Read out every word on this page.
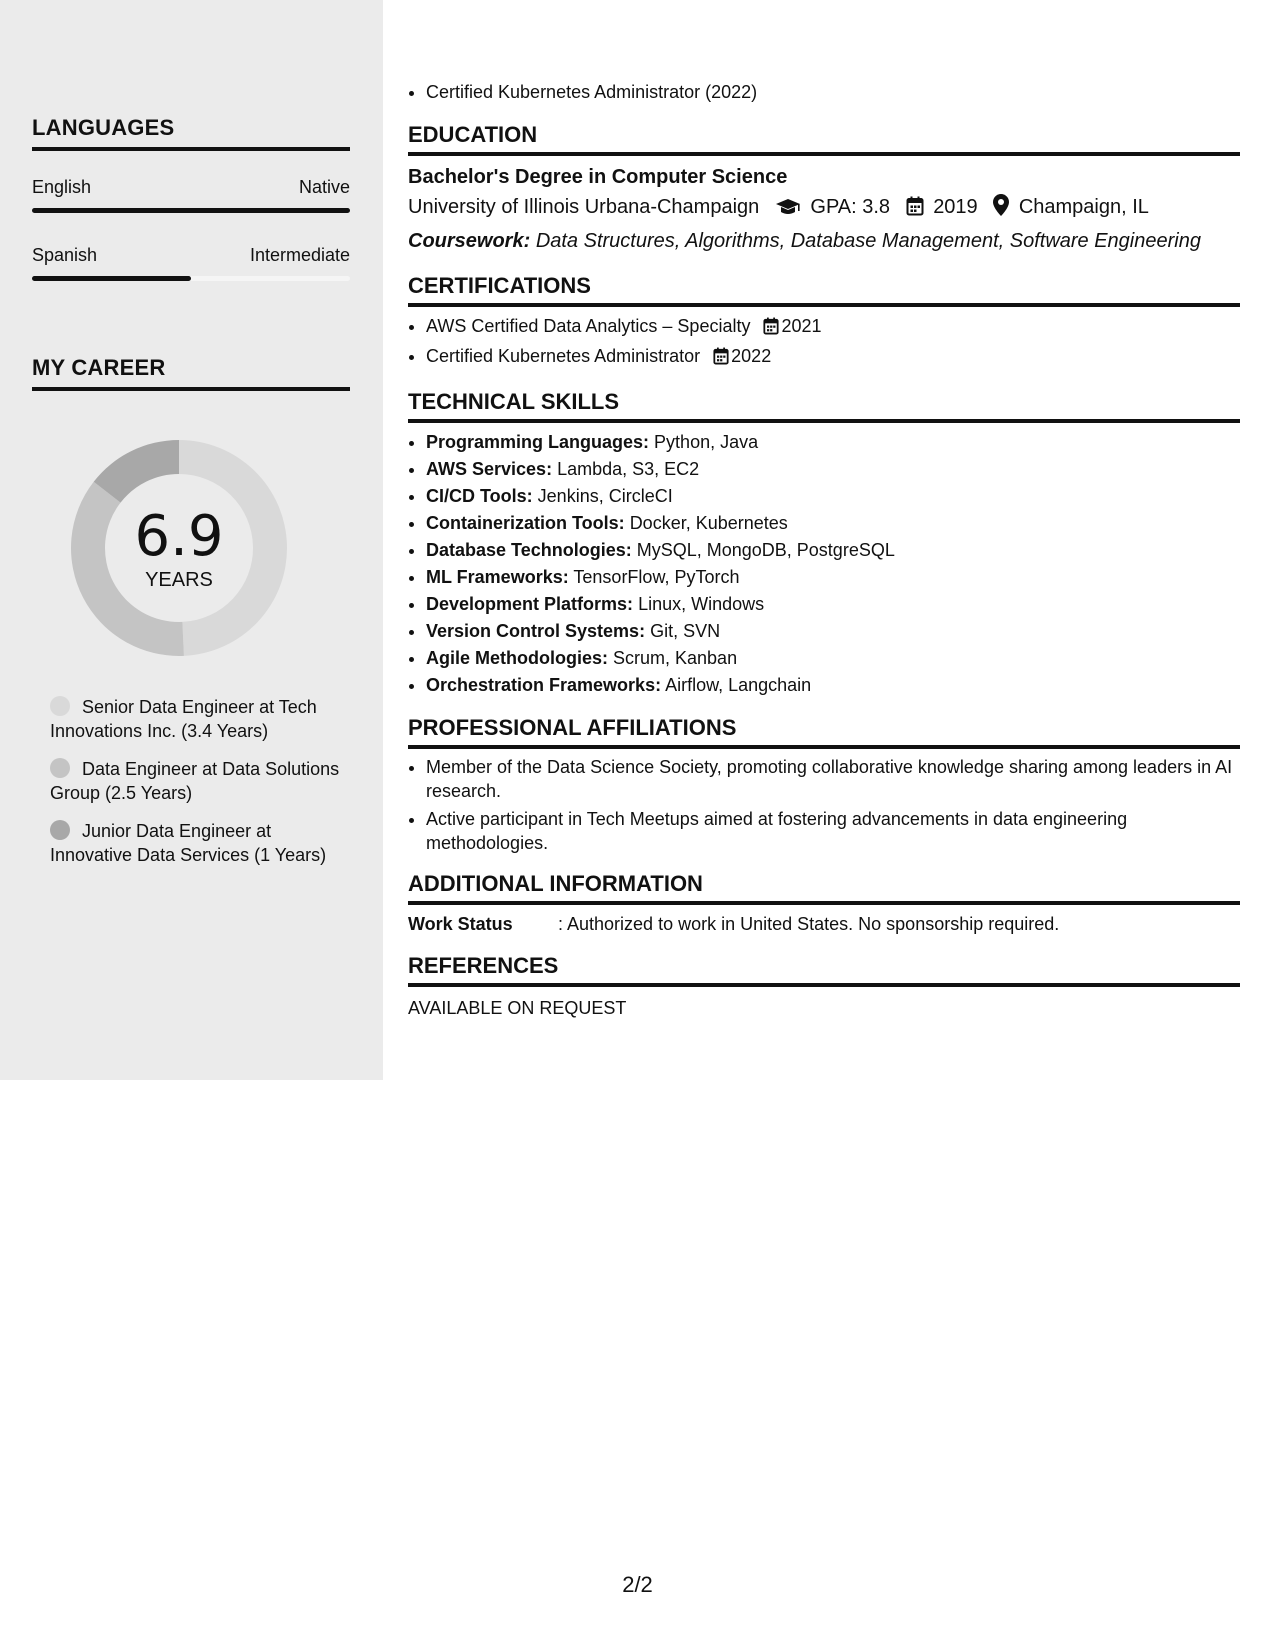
LANGUAGES
English	Native
Spanish	Intermediate
MY CAREER
6.9
YEARS
Senior Data Engineer at Tech Innovations Inc. (3.4 Years)
Data Engineer at Data Solutions Group (2.5 Years)
Junior Data Engineer at Innovative Data Services (1 Years)
• Certified Kubernetes Administrator (2022)
EDUCATION
Bachelor's Degree in Computer Science
University of Illinois Urbana-Champaign	GPA: 3.8 2019 Champaign, IL
Coursework: Data Structures, Algorithms, Database Management, Software Engineering
CERTIFICATIONS
• AWS Certified Data Analytics – Specialty 2021
• Certified Kubernetes Administrator 2022
TECHNICAL SKILLS
• Programming Languages: Python, Java
• AWS Services: Lambda, S3, EC2
• CI/CD Tools: Jenkins, CircleCI
• Containerization Tools: Docker, Kubernetes
• Database Technologies: MySQL, MongoDB, PostgreSQL
• ML Frameworks: TensorFlow, PyTorch
• Development Platforms: Linux, Windows
• Version Control Systems: Git, SVN
• Agile Methodologies: Scrum, Kanban
• Orchestration Frameworks: Airflow, Langchain
PROFESSIONAL AFFILIATIONS
• Member of the Data Science Society, promoting collaborative knowledge sharing among leaders in AI research.
• Active participant in Tech Meetups aimed at fostering advancements in data engineering methodologies.
ADDITIONAL INFORMATION
Work Status	: Authorized to work in United States. No sponsorship required.
REFERENCES
AVAILABLE ON REQUEST
2/2
